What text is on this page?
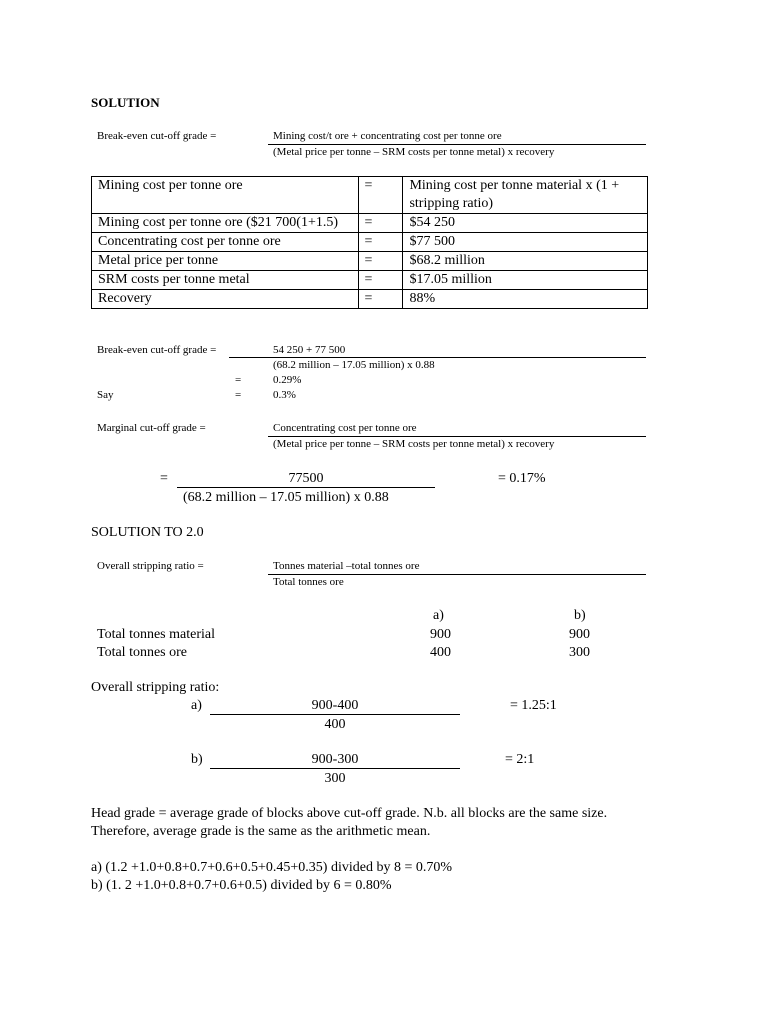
SOLUTION
Break-even cut-off grade =	Mining cost/t ore + concentrating cost per tonne ore
(Metal price per tonne – SRM costs per tonne metal) x recovery
Mining cost per tonne ore	=	Mining cost per tonne material x (1 + stripping ratio)
Mining cost per tonne ore ($21 700(1+1.5)	=	$54 250
Concentrating cost per tonne ore	=	$77 500
Metal price per tonne	=	$68.2 million
SRM costs per tonne metal	=	$17.05 million
Recovery	=	88%
Break-even cut-off grade =	54 250 + 77 500
(68.2 million – 17.05 million) x 0.88
=	0.29%
Say	=	0.3%
Marginal cut-off grade =	Concentrating cost per tonne ore
(Metal price per tonne – SRM costs per tonne metal) x recovery
=	77500
(68.2 million – 17.05 million) x 0.88
= 0.17%
SOLUTION TO 2.0
Overall stripping ratio =	Tonnes material –total tonnes ore
Total tonnes ore
a)	b)
Total tonnes material	900	900
Total tonnes ore	400	300
Overall stripping ratio:
a)	900-400
400
= 1.25:1
b)	900-300
300
= 2:1
Head grade = average grade of blocks above cut-off grade. N.b. all blocks are the same size.
Therefore, average grade is the same as the arithmetic mean.
a) (1.2 +1.0+0.8+0.7+0.6+0.5+0.45+0.35) divided by 8 = 0.70%
b) (1. 2 +1.0+0.8+0.7+0.6+0.5) divided by 6 = 0.80%
